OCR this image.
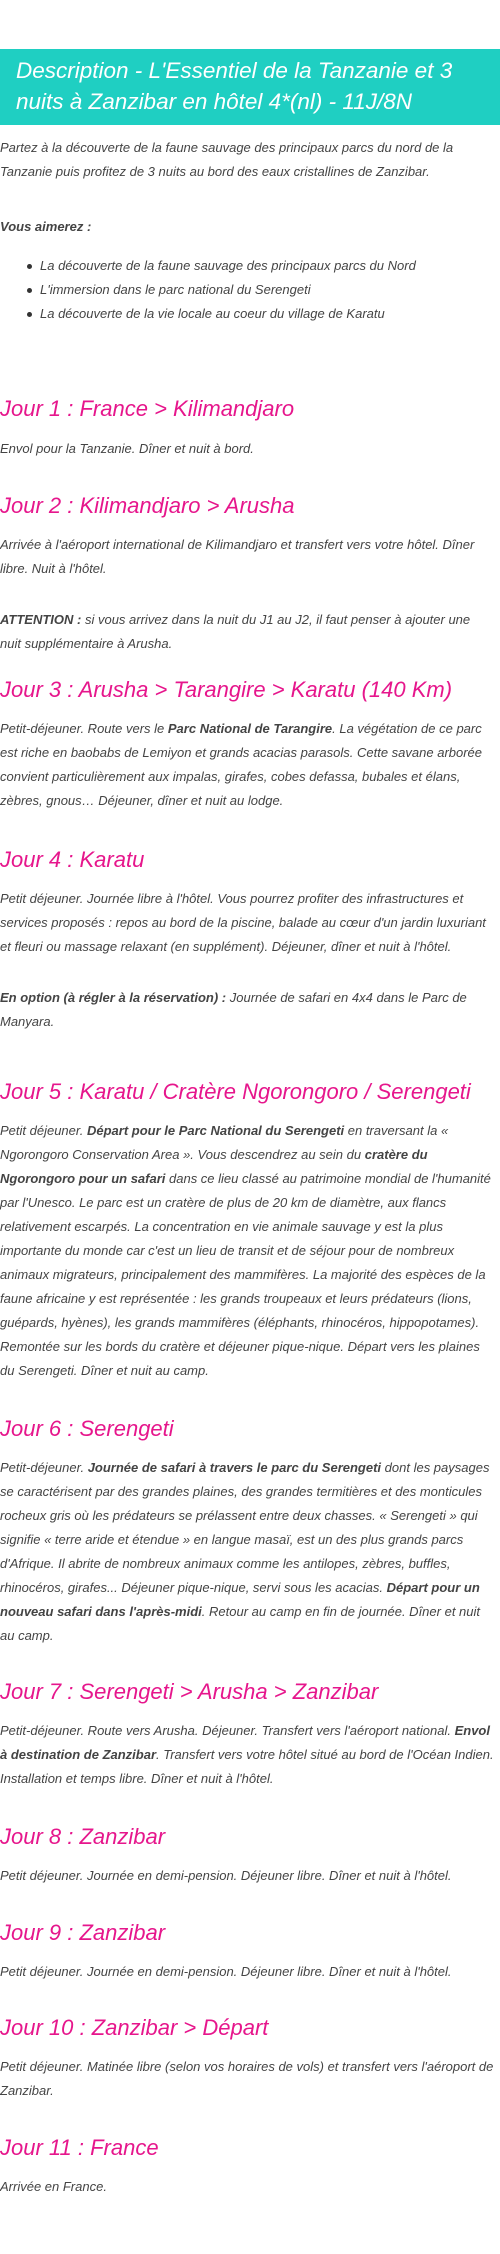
Description - L'Essentiel de la Tanzanie et 3
nuits à Zanzibar en hôtel 4*(nl) - 11J/8N

Partez à la découverte de la faune sauvage des principaux parcs du nord de la Tanzanie puis profitez de 3 nuits au bord des eaux cristallines de Zanzibar.

Vous aimerez :

La découverte de la faune sauvage des principaux parcs du Nord
L'immersion dans le parc national du Serengeti
La découverte de la vie locale au coeur du village de Karatu
Jour 1 : France > Kilimandjaro

Envol pour la Tanzanie. Dîner et nuit à bord.

Jour 2 : Kilimandjaro > Arusha

Arrivée à l'aéroport international de Kilimandjaro et transfert vers votre hôtel. Dîner libre. Nuit à l'hôtel.

ATTENTION : si vous arrivez dans la nuit du J1 au J2, il faut penser à ajouter une nuit supplémentaire à Arusha.

Jour 3 : Arusha > Tarangire > Karatu (140 Km)

Petit-déjeuner. Route vers le Parc National de Tarangire. La végétation de ce parc est riche en baobabs de Lemiyon et grands acacias parasols. Cette savane arborée convient particulièrement aux impalas, girafes, cobes defassa, bubales et élans, zèbres, gnous… Déjeuner, dîner et nuit au lodge.

Jour 4 : Karatu

Petit déjeuner. Journée libre à l'hôtel. Vous pourrez profiter des infrastructures et services proposés : repos au bord de la piscine, balade au cœur d'un jardin luxuriant et fleuri ou massage relaxant (en supplément). Déjeuner, dîner et nuit à l'hôtel.

En option (à régler à la réservation) : Journée de safari en 4x4 dans le Parc de Manyara.

Jour 5 : Karatu / Cratère Ngorongoro / Serengeti

Petit déjeuner. Départ pour le Parc National du Serengeti en traversant la « Ngorongoro Conservation Area ». Vous descendrez au sein du cratère du Ngorongoro pour un safari dans ce lieu classé au patrimoine mondial de l'humanité par l'Unesco. Le parc est un cratère de plus de 20 km de diamètre, aux flancs relativement escarpés. La concentration en vie animale sauvage y est la plus importante du monde car c'est un lieu de transit et de séjour pour de nombreux animaux migrateurs, principalement des mammifères. La majorité des espèces de la faune africaine y est représentée : les grands troupeaux et leurs prédateurs (lions, guépards, hyènes), les grands mammifères (éléphants, rhinocéros, hippopotames). Remontée sur les bords du cratère et déjeuner pique-nique. Départ vers les plaines du Serengeti. Dîner et nuit au camp.

Jour 6 : Serengeti

Petit-déjeuner. Journée de safari à travers le parc du Serengeti dont les paysages se caractérisent par des grandes plaines, des grandes termitières et des monticules rocheux gris où les prédateurs se prélassent entre deux chasses. « Serengeti » qui signifie « terre aride et étendue » en langue masaï, est un des plus grands parcs d'Afrique. Il abrite de nombreux animaux comme les antilopes, zèbres, buffles, rhinocéros, girafes... Déjeuner pique-nique, servi sous les acacias. Départ pour un nouveau safari dans l'après-midi. Retour au camp en fin de journée. Dîner et nuit au camp.

Jour 7 : Serengeti > Arusha > Zanzibar

Petit-déjeuner. Route vers Arusha. Déjeuner. Transfert vers l'aéroport national. Envol à destination de Zanzibar. Transfert vers votre hôtel situé au bord de l'Océan Indien. Installation et temps libre. Dîner et nuit à l'hôtel.

Jour 8 : Zanzibar

Petit déjeuner. Journée en demi-pension. Déjeuner libre. Dîner et nuit à l'hôtel.

Jour 9 : Zanzibar

Petit déjeuner. Journée en demi-pension. Déjeuner libre. Dîner et nuit à l'hôtel.

Jour 10 : Zanzibar > Départ

Petit déjeuner. Matinée libre (selon vos horaires de vols) et transfert vers l'aéroport de Zanzibar.

Jour 11 : France

Arrivée en France.
